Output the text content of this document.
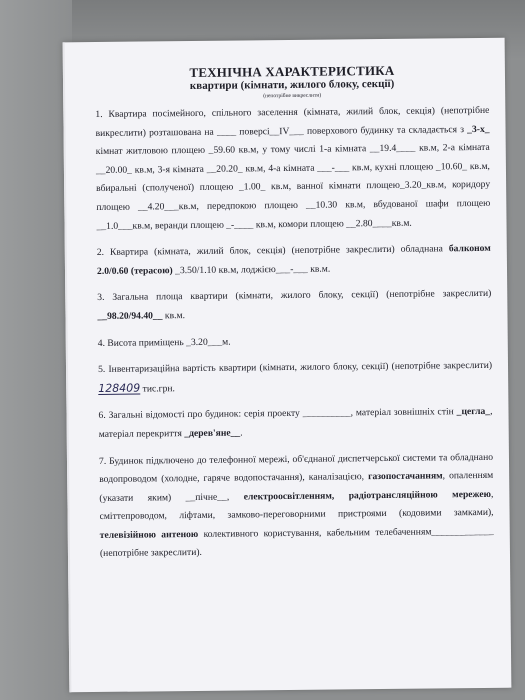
ТЕХНІЧНА ХАРАКТЕРИСТИКА

квартири (кімнати, жилого блоку, секції)

(непотрібне викреслити)

1. Квартира посімейного, спільного заселення (кімната, жилий блок, секція) (непотрібне викреслити) розташована на ____ поверсі__IV___ поверхового будинку та складається з _3-х_ кімнат житловою площею _59.60 кв.м, у тому числі 1-а кімната __19.4____ кв.м, 2-а кімната __20.00_ кв.м, 3-я кімната __20.20_ кв.м, 4-а кімната ___-___ кв.м, кухні площею _10.60_ кв.м, вбиральні (сполученої) площею _1.00_ кв.м, ванної кімнати площею_3.20_кв.м, коридору площею __4.20___кв.м, передпокою площею __10.30 кв.м, вбудованої шафи площею __1.0___кв.м, веранди площею _-____ кв.м, комори площею __2.80____кв.м.

2. Квартира (кімната, жилий блок, секція) (непотрібне закреслити) обладнана балконом 2.0/0.60 (терасою) _3.50/1.10 кв.м, лоджією___-___ кв.м.

3. Загальна площа квартири (кімнати, жилого блоку, секції) (непотрібне закреслити) __98.20/94.40__ кв.м.

4. Висота приміщень _3.20___м.

5. Інвентаризаційна вартість квартири (кімнати, жилого блоку, секції) (непотрібне закреслити) 128409 тис.грн.

6. Загальні відомості про будинок: серія проекту __________, матеріал зовнішніх стін _цегла_, матеріал перекриття _дерев'яне__.

7. Будинок підключено до телефонної мережі, об'єднаної диспетчерської системи та обладнано водопроводом (холодне, гаряче водопостачання), каналізацією, газопостачанням, опаленням (указати яким) __пічне__, електроосвітленням, радіотрансляційною мережею, сміттепроводом, ліфтами, замково-переговорними пристроями (кодовими замками), телевізійною антеною колективного користування, кабельним телебаченням_____________ (непотрібне закреслити).
